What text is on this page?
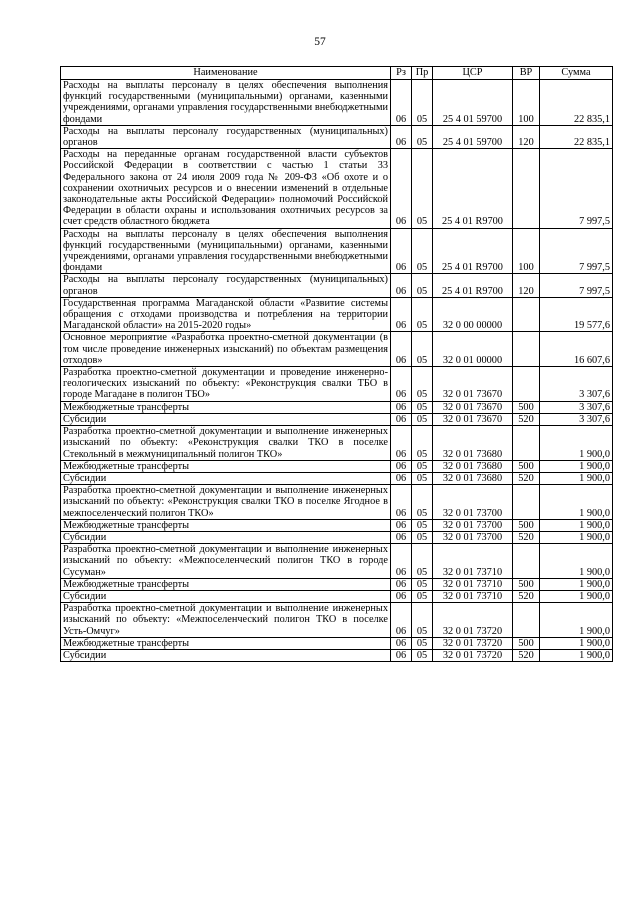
57
Наименование	Рз	Пр	ЦСР	ВР	Сумма
Расходы на выплаты персоналу в целях обеспечения выполнения функций государственными (муниципальными) органами, казенными учреждениями, органами управления государственными внебюджетными фондами	06	05	25 4 01 59700	100	22 835,1
Расходы на выплаты персоналу государственных (муниципальных) органов	06	05	25 4 01 59700	120	22 835,1
Расходы на переданные органам государственной власти субъектов Российской Федерации в соответствии с частью 1 статьи 33 Федерального закона от 24 июля 2009 года № 209-ФЗ «Об охоте и о сохранении охотничьих ресурсов и о внесении изменений в отдельные законодательные акты Российской Федерации» полномочий Российской Федерации в области охраны и использования охотничьих ресурсов за счет средств областного бюджета	06	05	25 4 01 R9700		7 997,5
Расходы на выплаты персоналу в целях обеспечения выполнения функций государственными (муниципальными) органами, казенными учреждениями, органами управления государственными внебюджетными фондами	06	05	25 4 01 R9700	100	7 997,5
Расходы на выплаты персоналу государственных (муниципальных) органов	06	05	25 4 01 R9700	120	7 997,5
Государственная программа Магаданской области «Развитие системы обращения с отходами производства и потребления на территории Магаданской области» на 2015-2020 годы»	06	05	32 0 00 00000		19 577,6
Основное мероприятие «Разработка проектно-сметной документации (в том числе проведение инженерных изысканий) по объектам размещения отходов»	06	05	32 0 01 00000		16 607,6
Разработка проектно-сметной документации и проведение инженерно-геологических изысканий по объекту: «Реконструкция свалки ТБО в городе Магадане в полигон ТБО»	06	05	32 0 01 73670		3 307,6
Межбюджетные трансферты	06	05	32 0 01 73670	500	3 307,6
Субсидии	06	05	32 0 01 73670	520	3 307,6
Разработка проектно-сметной документации и выполнение инженерных изысканий по объекту: «Реконструкция свалки ТКО в поселке Стекольный в межмуниципальный полигон ТКО»	06	05	32 0 01 73680		1 900,0
Межбюджетные трансферты	06	05	32 0 01 73680	500	1 900,0
Субсидии	06	05	32 0 01 73680	520	1 900,0
Разработка проектно-сметной документации и выполнение инженерных изысканий по объекту: «Реконструкция свалки ТКО в поселке Ягодное в межпоселенческий полигон ТКО»	06	05	32 0 01 73700		1 900,0
Межбюджетные трансферты	06	05	32 0 01 73700	500	1 900,0
Субсидии	06	05	32 0 01 73700	520	1 900,0
Разработка проектно-сметной документации и выполнение инженерных изысканий по объекту: «Межпоселенческий полигон ТКО в городе Сусуман»	06	05	32 0 01 73710		1 900,0
Межбюджетные трансферты	06	05	32 0 01 73710	500	1 900,0
Субсидии	06	05	32 0 01 73710	520	1 900,0
Разработка проектно-сметной документации и выполнение инженерных изысканий по объекту: «Межпоселенческий полигон ТКО в поселке Усть-Омчуг»	06	05	32 0 01 73720		1 900,0
Межбюджетные трансферты	06	05	32 0 01 73720	500	1 900,0
Субсидии	06	05	32 0 01 73720	520	1 900,0
